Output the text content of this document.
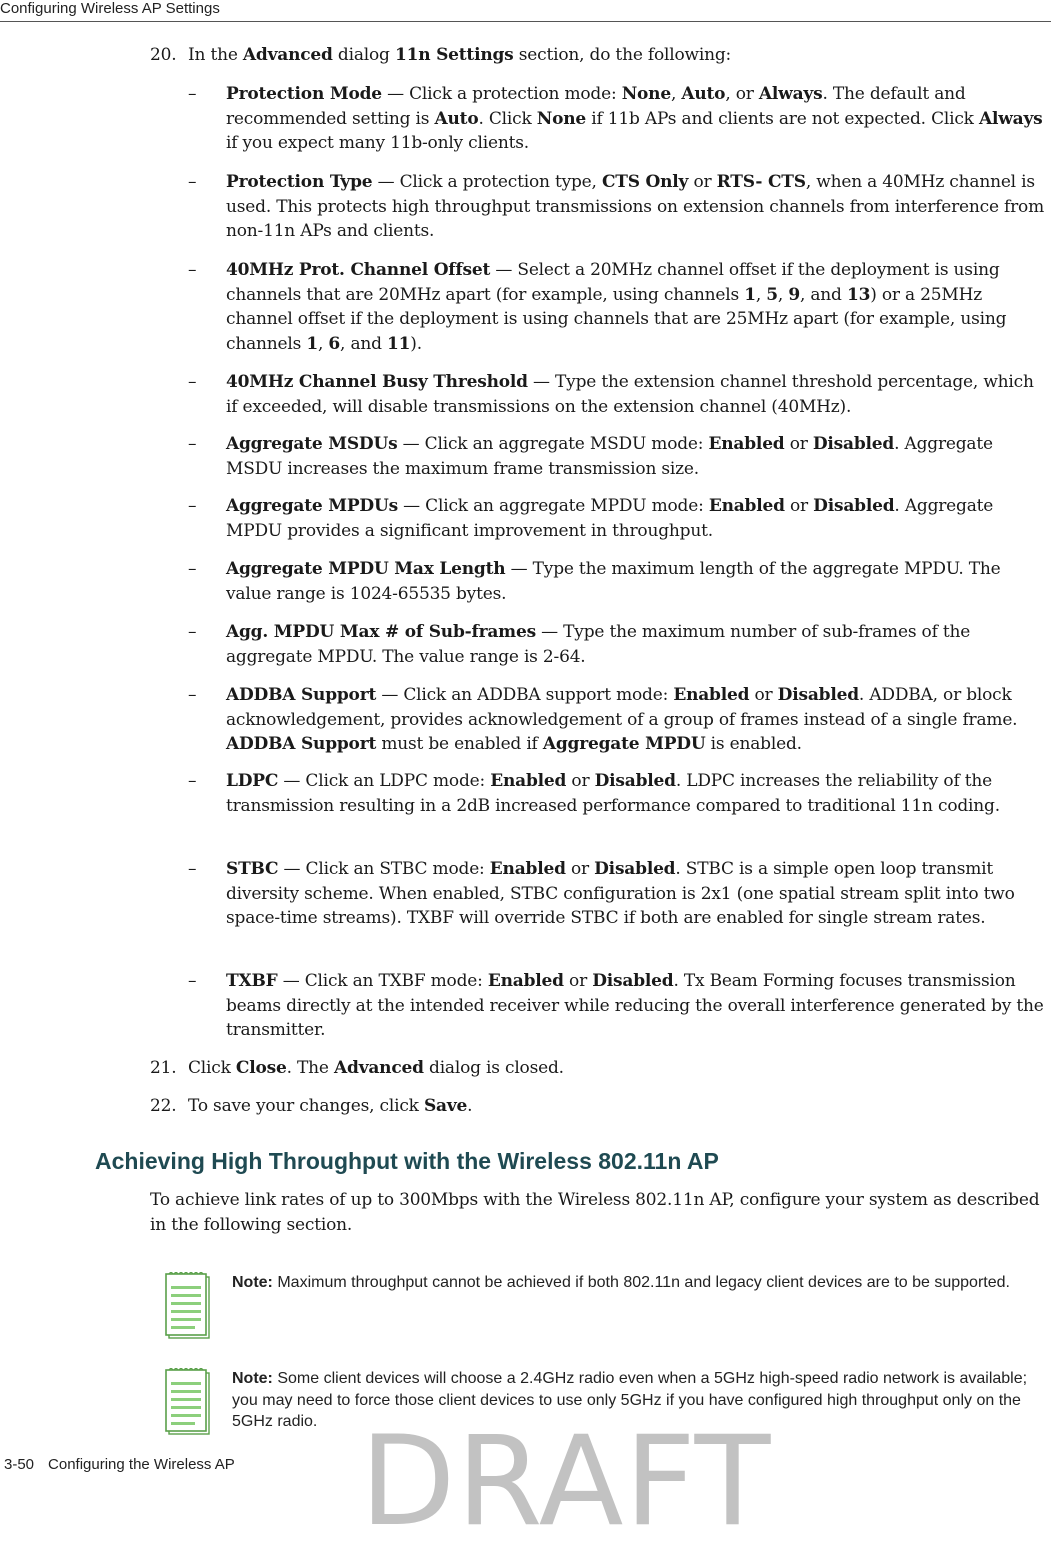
Configuring Wireless AP Settings
20. In the Advanced dialog 11n Settings section, do the following:
– Protection Mode — Click a protection mode: None, Auto, or Always. The default and recommended setting is Auto. Click None if 11b APs and clients are not expected. Click Always if you expect many 11b-only clients.
– Protection Type — Click a protection type, CTS Only or RTS- CTS, when a 40MHz channel is used. This protects high throughput transmissions on extension channels from interference from non-11n APs and clients.
– 40MHz Prot. Channel Offset — Select a 20MHz channel offset if the deployment is using channels that are 20MHz apart (for example, using channels 1, 5, 9, and 13) or a 25MHz channel offset if the deployment is using channels that are 25MHz apart (for example, using channels 1, 6, and 11).
– 40MHz Channel Busy Threshold — Type the extension channel threshold percentage, which if exceeded, will disable transmissions on the extension channel (40MHz).
– Aggregate MSDUs — Click an aggregate MSDU mode: Enabled or Disabled. Aggregate MSDU increases the maximum frame transmission size.
– Aggregate MPDUs — Click an aggregate MPDU mode: Enabled or Disabled. Aggregate MPDU provides a significant improvement in throughput.
– Aggregate MPDU Max Length — Type the maximum length of the aggregate MPDU. The value range is 1024-65535 bytes.
– Agg. MPDU Max # of Sub-frames — Type the maximum number of sub-frames of the aggregate MPDU. The value range is 2-64.
– ADDBA Support — Click an ADDBA support mode: Enabled or Disabled. ADDBA, or block acknowledgement, provides acknowledgement of a group of frames instead of a single frame. ADDBA Support must be enabled if Aggregate MPDU is enabled.
– LDPC — Click an LDPC mode: Enabled or Disabled. LDPC increases the reliability of the transmission resulting in a 2dB increased performance compared to traditional 11n coding.
– STBC — Click an STBC mode: Enabled or Disabled. STBC is a simple open loop transmit diversity scheme. When enabled, STBC configuration is 2x1 (one spatial stream split into two space-time streams). TXBF will override STBC if both are enabled for single stream rates.
– TXBF — Click an TXBF mode: Enabled or Disabled. Tx Beam Forming focuses transmission beams directly at the intended receiver while reducing the overall interference generated by the transmitter.
21. Click Close. The Advanced dialog is closed.
22. To save your changes, click Save.
Achieving High Throughput with the Wireless 802.11n AP
To achieve link rates of up to 300Mbps with the Wireless 802.11n AP, configure your system as described in the following section.
Note: Maximum throughput cannot be achieved if both 802.11n and legacy client devices are to be supported.
Note: Some client devices will choose a 2.4GHz radio even when a 5GHz high-speed radio network is available; you may need to force those client devices to use only 5GHz if you have configured high throughput only on the 5GHz radio.
3-50 Configuring the Wireless AP DRAFT
